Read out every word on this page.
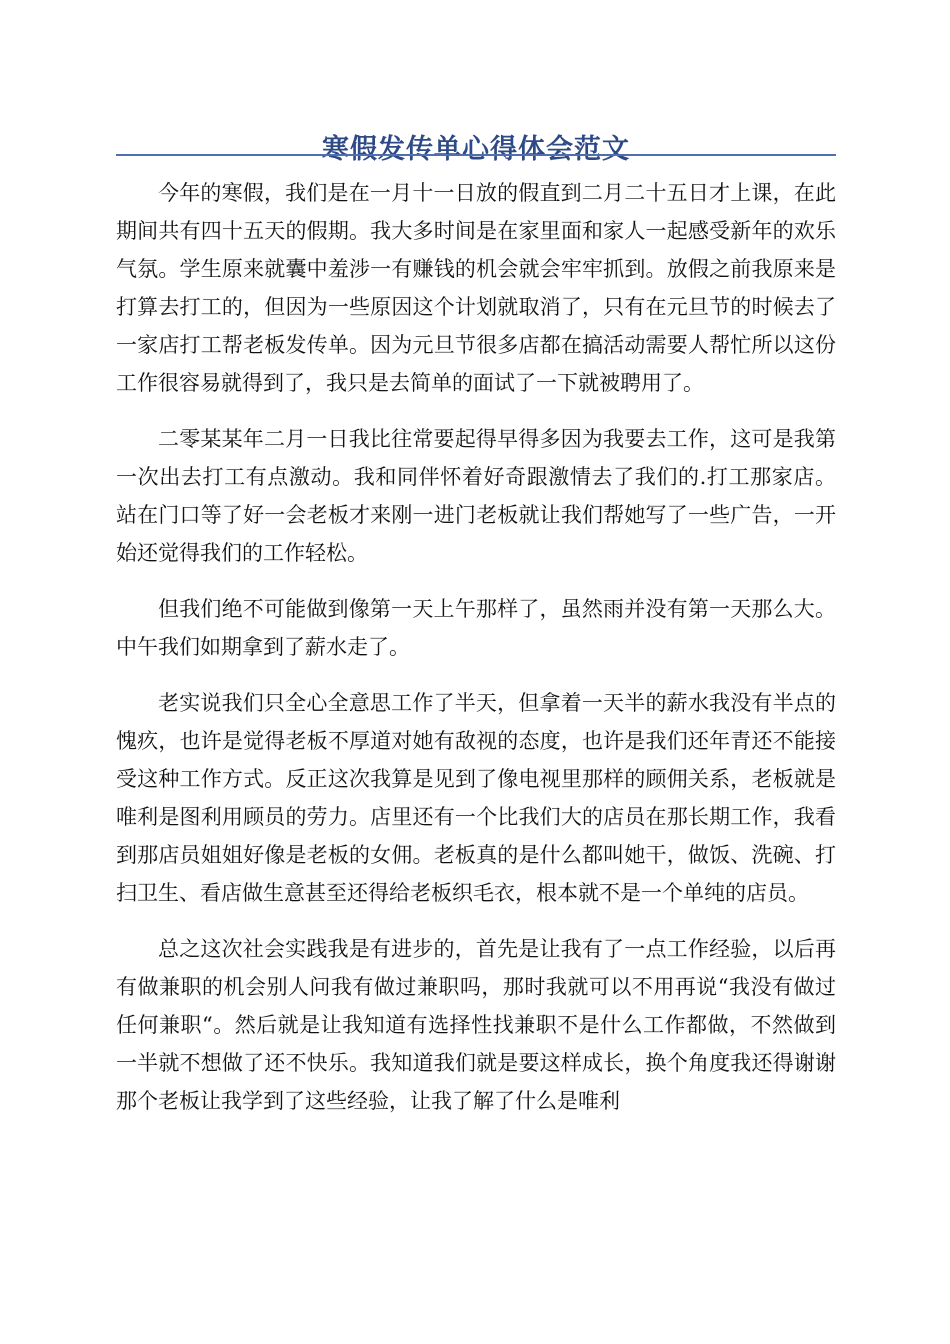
寒假发传单心得体会范文

今年的寒假，我们是在一月十一日放的假直到二月二十五日才上课，在此期间共有四十五天的假期。我大多时间是在家里面和家人一起感受新年的欢乐气氛。学生原来就囊中羞涉一有赚钱的机会就会牢牢抓到。放假之前我原来是打算去打工的，但因为一些原因这个计划就取消了，只有在元旦节的时候去了一家店打工帮老板发传单。因为元旦节很多店都在搞活动需要人帮忙所以这份工作很容易就得到了，我只是去简单的面试了一下就被聘用了。

二零某某年二月一日我比往常要起得早得多因为我要去工作，这可是我第一次出去打工有点激动。我和同伴怀着好奇跟激情去了我们的.打工那家店。站在门口等了好一会老板才来刚一进门老板就让我们帮她写了一些广告，一开始还觉得我们的工作轻松。

但我们绝不可能做到像第一天上午那样了，虽然雨并没有第一天那么大。中午我们如期拿到了薪水走了。

老实说我们只全心全意思工作了半天，但拿着一天半的薪水我没有半点的愧疚，也许是觉得老板不厚道对她有敌视的态度，也许是我们还年青还不能接受这种工作方式。反正这次我算是见到了像电视里那样的顾佣关系，老板就是唯利是图利用顾员的劳力。店里还有一个比我们大的店员在那长期工作，我看到那店员姐姐好像是老板的女佣。老板真的是什么都叫她干，做饭、洗碗、打扫卫生、看店做生意甚至还得给老板织毛衣，根本就不是一个单纯的店员。

总之这次社会实践我是有进步的，首先是让我有了一点工作经验，以后再有做兼职的机会别人问我有做过兼职吗，那时我就可以不用再说“我没有做过任何兼职“。然后就是让我知道有选择性找兼职不是什么工作都做，不然做到一半就不想做了还不快乐。我知道我们就是要这样成长，换个角度我还得谢谢那个老板让我学到了这些经验，让我了解了什么是唯利
